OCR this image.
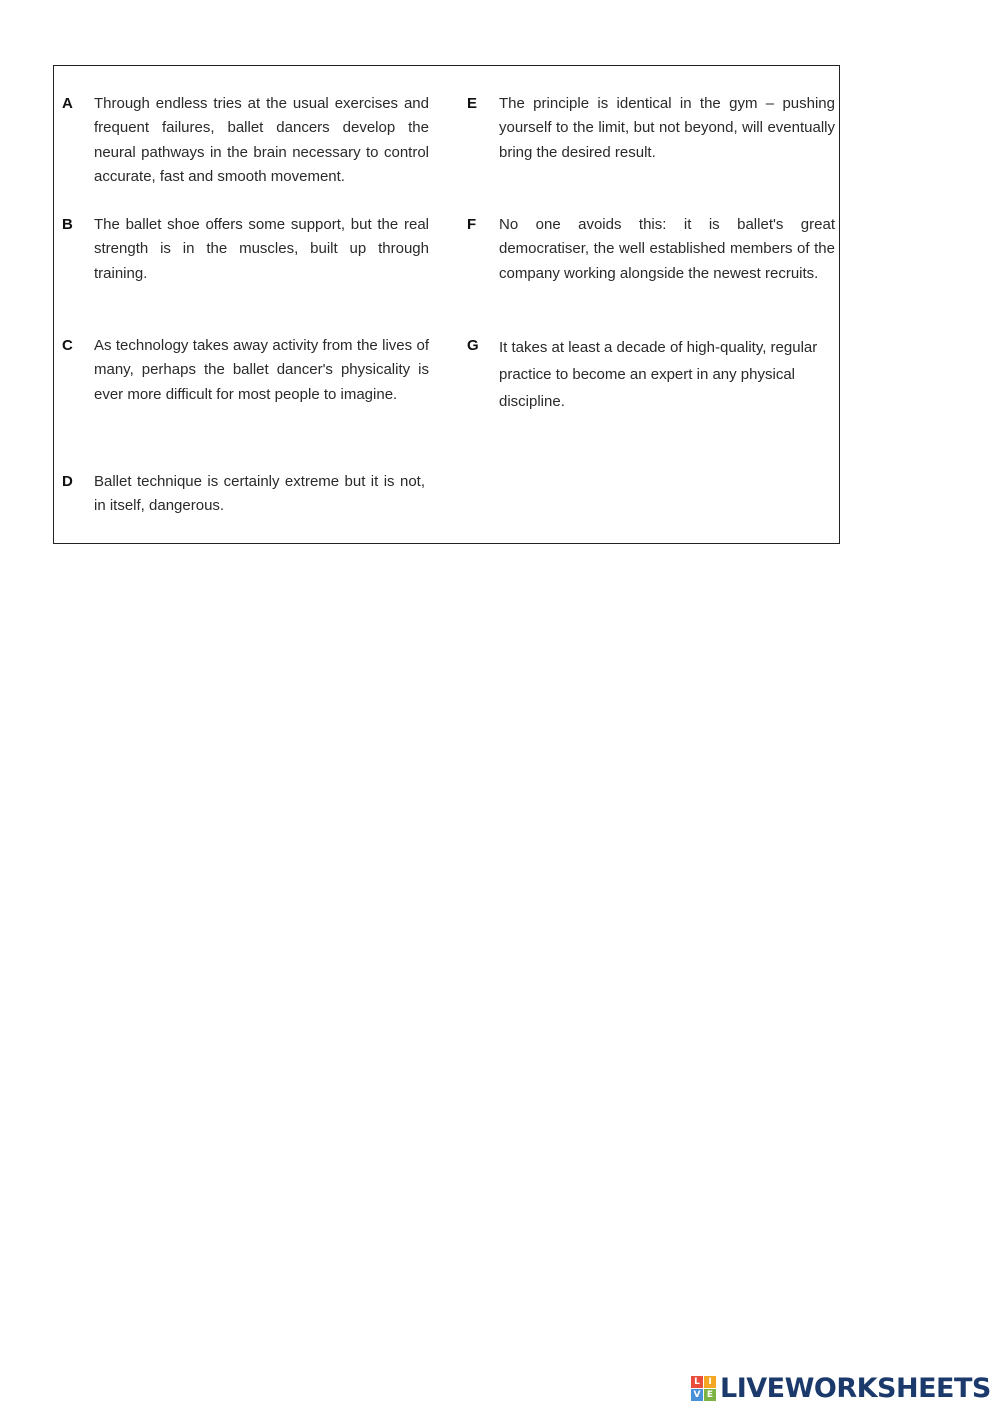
A Through endless tries at the usual exercises and frequent failures, ballet dancers develop the neural pathways in the brain necessary to control accurate, fast and smooth movement.
B The ballet shoe offers some support, but the real strength is in the muscles, built up through training.
C As technology takes away activity from the lives of many, perhaps the ballet dancer's physicality is ever more difficult for most people to imagine.
D Ballet technique is certainly extreme but it is not, in itself, dangerous.
E The principle is identical in the gym – pushing yourself to the limit, but not beyond, will eventually bring the desired result.
F No one avoids this: it is ballet's great democratiser, the well established members of the company working alongside the newest recruits.
G It takes at least a decade of high-quality, regular practice to become an expert in any physical discipline.
L I
V E LIVEWORKSHEETS
